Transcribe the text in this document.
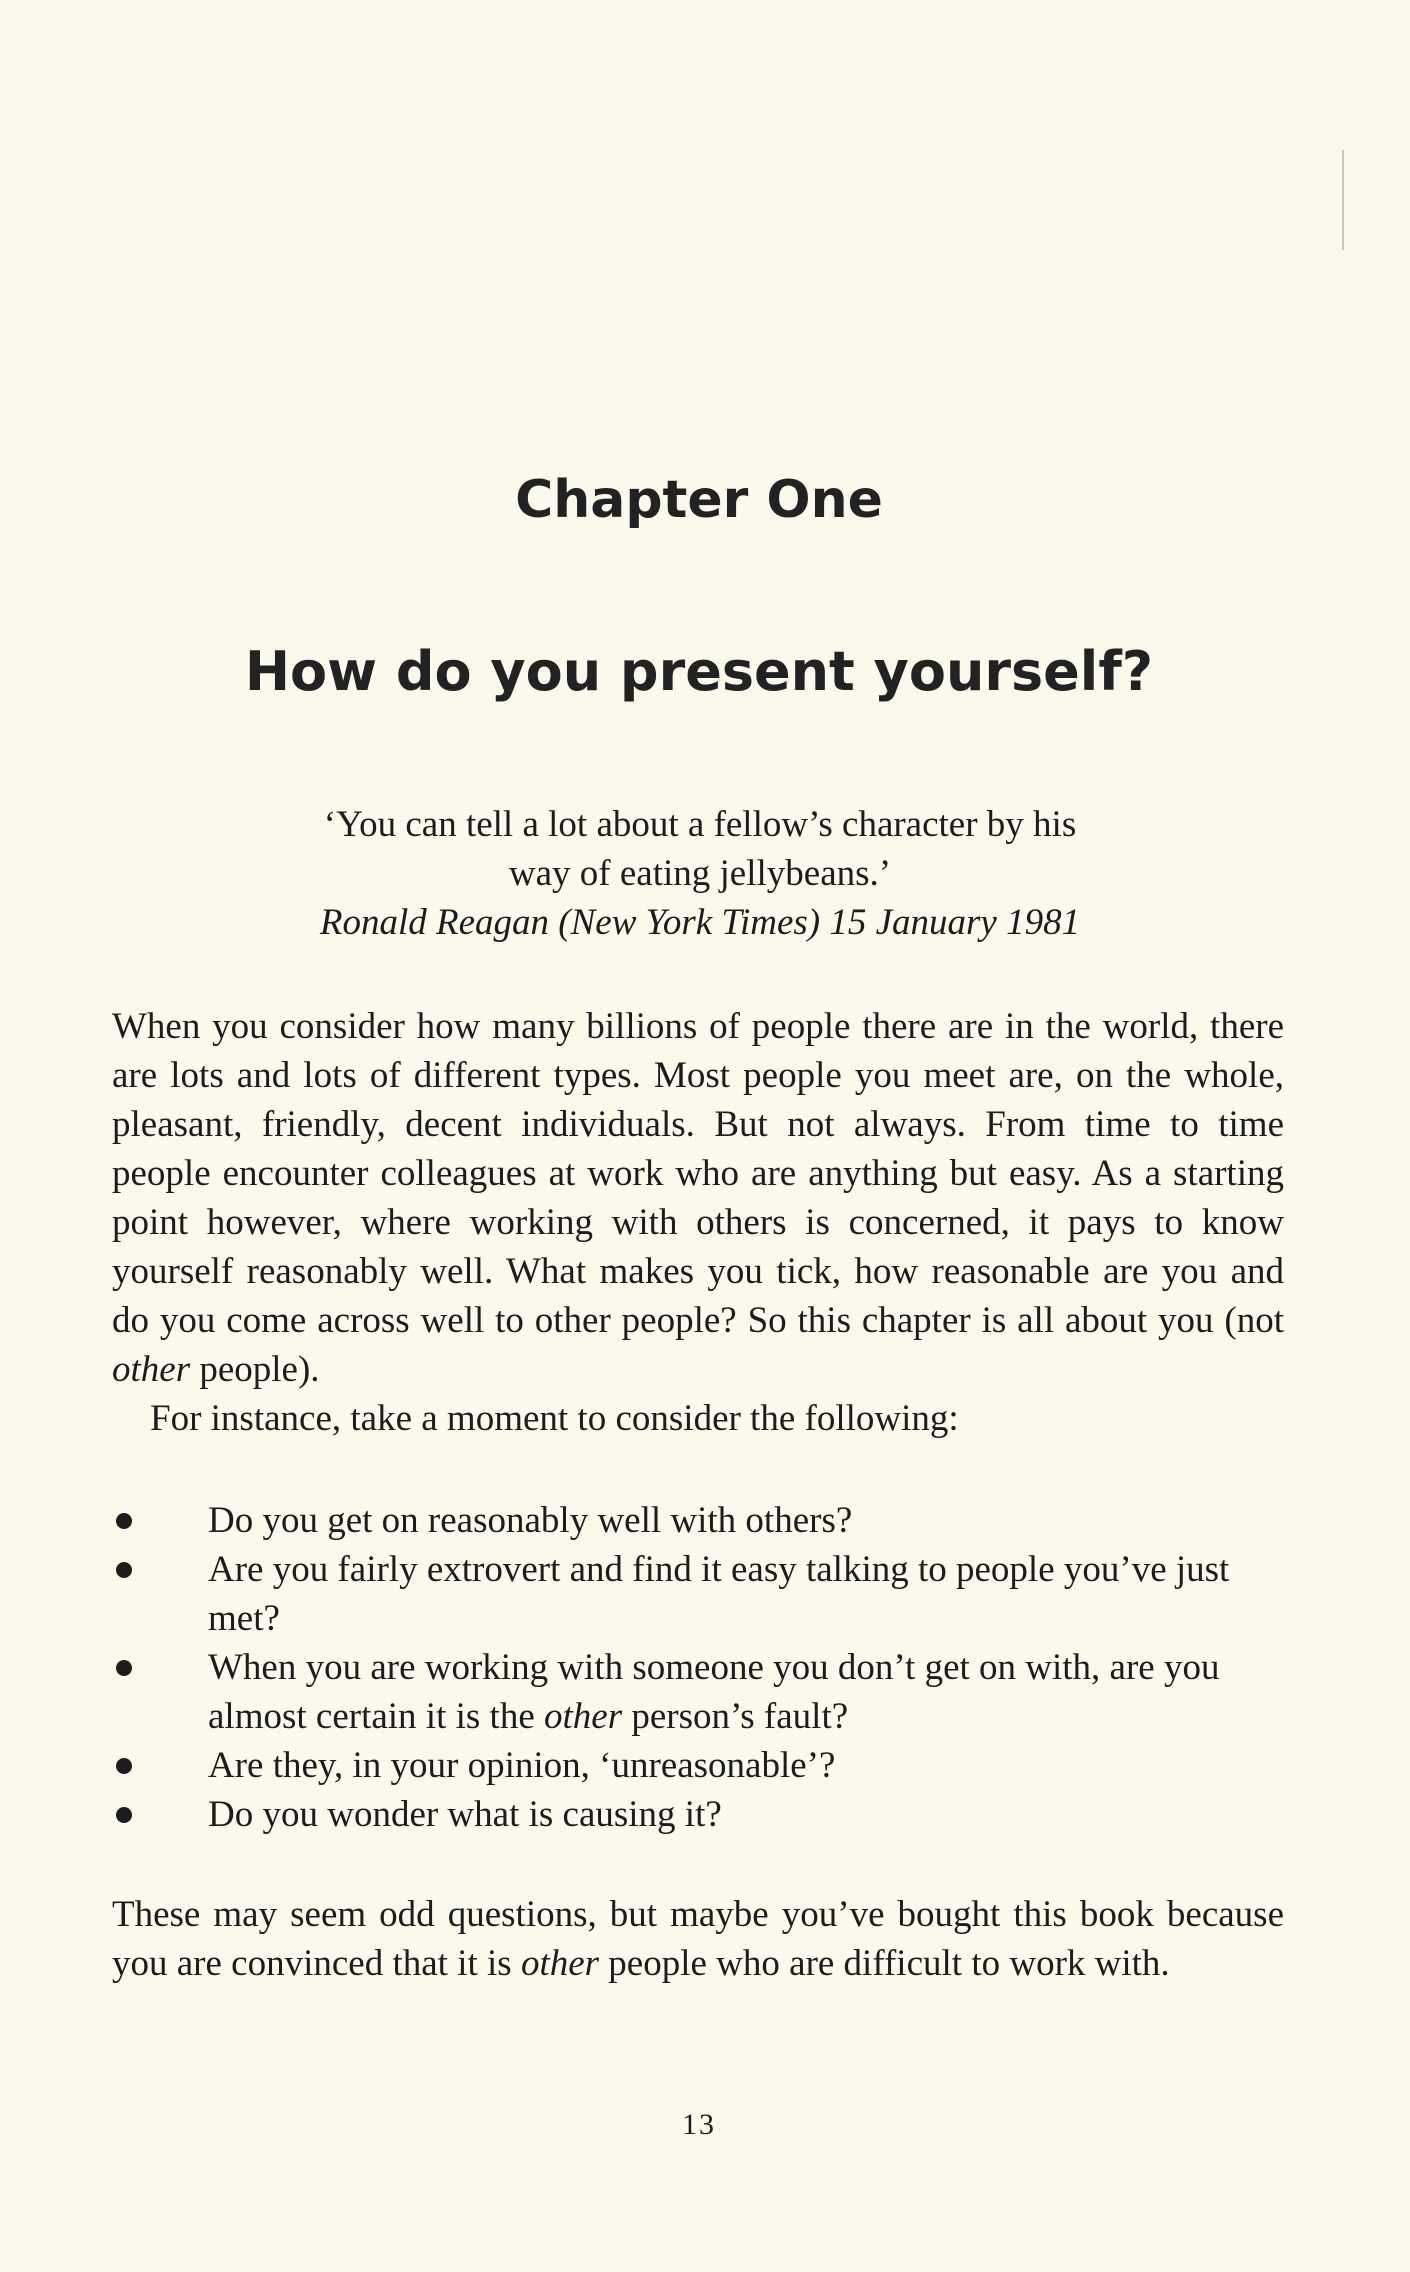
Chapter One
How do you present yourself?
‘You can tell a lot about a fellow’s character by his
way of eating jellybeans.’
Ronald Reagan (New York Times) 15 January 1981
When you consider how many billions of people there are in the world, there are lots and lots of different types. Most people you meet are, on the whole, pleasant, friendly, decent individuals. But not always. From time to time people encounter colleagues at work who are anything but easy. As a starting point however, where working with others is concerned, it pays to know yourself reasonably well. What makes you tick, how reasonable are you and do you come across well to other people? So this chapter is all about you (not other people).
For instance, take a moment to consider the following:
Do you get on reasonably well with others?
Are you fairly extrovert and find it easy talking to people you’ve just met?
When you are working with someone you don’t get on with, are you almost certain it is the other person’s fault?
Are they, in your opinion, ‘unreasonable’?
Do you wonder what is causing it?
These may seem odd questions, but maybe you’ve bought this book because you are convinced that it is other people who are difficult to work with.
13
